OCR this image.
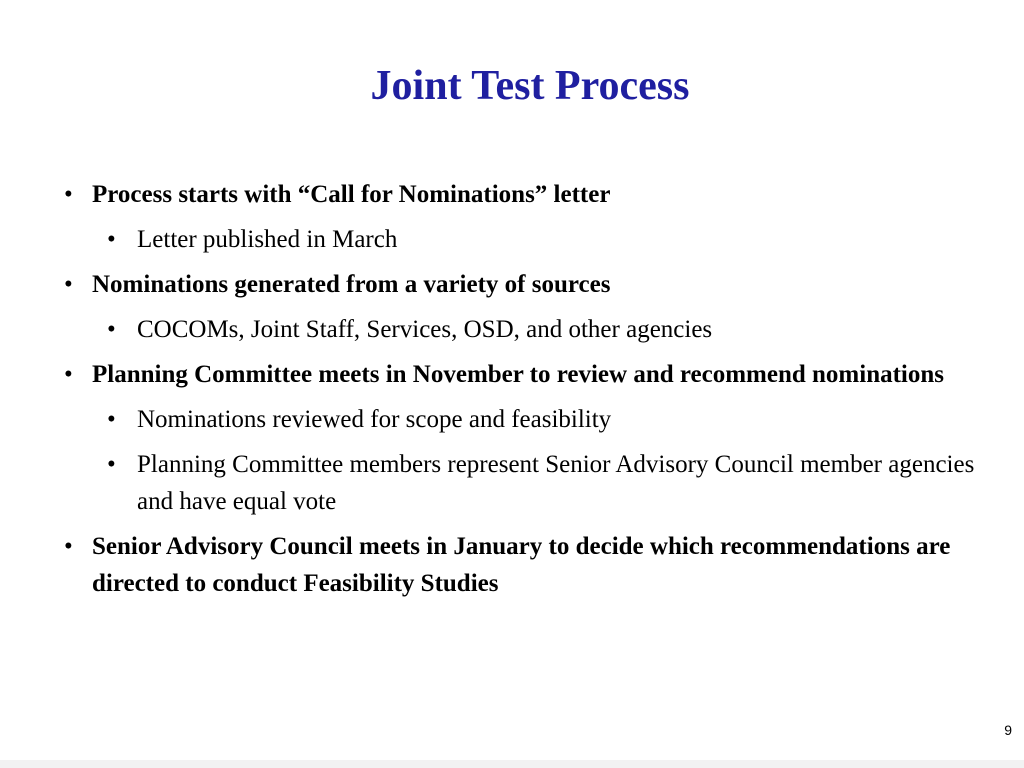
Joint Test Process
• Process starts with “Call for Nominations” letter
• Letter published in March
• Nominations generated from a variety of sources
• COCOMs, Joint Staff, Services, OSD, and other agencies
• Planning Committee meets in November to review and recommend nominations
• Nominations reviewed for scope and feasibility
• Planning Committee members represent Senior Advisory Council member agencies and have equal vote
• Senior Advisory Council meets in January to decide which recommendations are directed to conduct Feasibility Studies
9
